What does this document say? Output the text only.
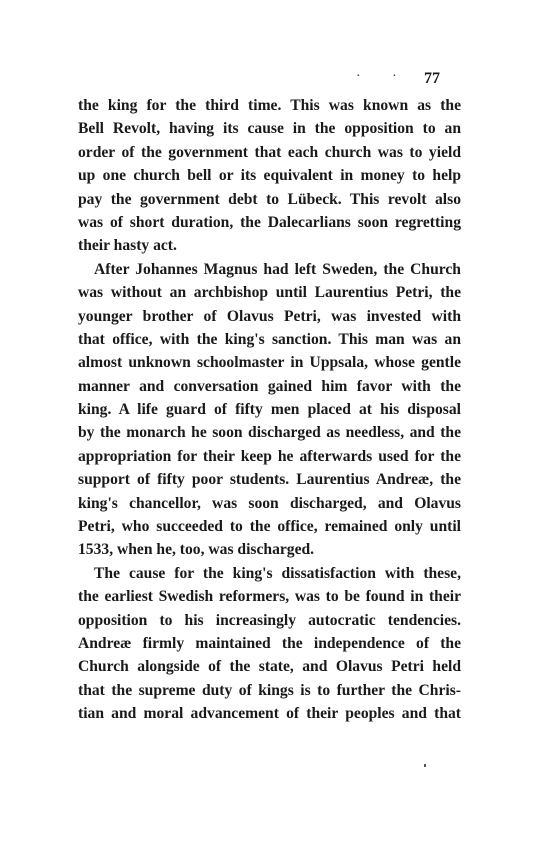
· · 77
the king for the third time. This was known as the
Bell Revolt, having its cause in the opposition to an
order of the government that each church was to yield
up one church bell or its equivalent in money to help
pay the government debt to Lübeck. This revolt also
was of short duration, the Dalecarlians soon regretting
their hasty act.
After Johannes Magnus had left Sweden, the Church
was without an archbishop until Laurentius Petri, the
younger brother of Olavus Petri, was invested with
that office, with the king's sanction. This man was an
almost unknown schoolmaster in Uppsala, whose gentle
manner and conversation gained him favor with the
king. A life guard of fifty men placed at his disposal
by the monarch he soon discharged as needless, and the
appropriation for their keep he afterwards used for the
support of fifty poor students. Laurentius Andreæ, the
king's chancellor, was soon discharged, and Olavus
Petri, who succeeded to the office, remained only until
1533, when he, too, was discharged.
The cause for the king's dissatisfaction with these,
the earliest Swedish reformers, was to be found in their
opposition to his increasingly autocratic tendencies.
Andreæ firmly maintained the independence of the
Church alongside of the state, and Olavus Petri held
that the supreme duty of kings is to further the Chris-
tian and moral advancement of their peoples and that
